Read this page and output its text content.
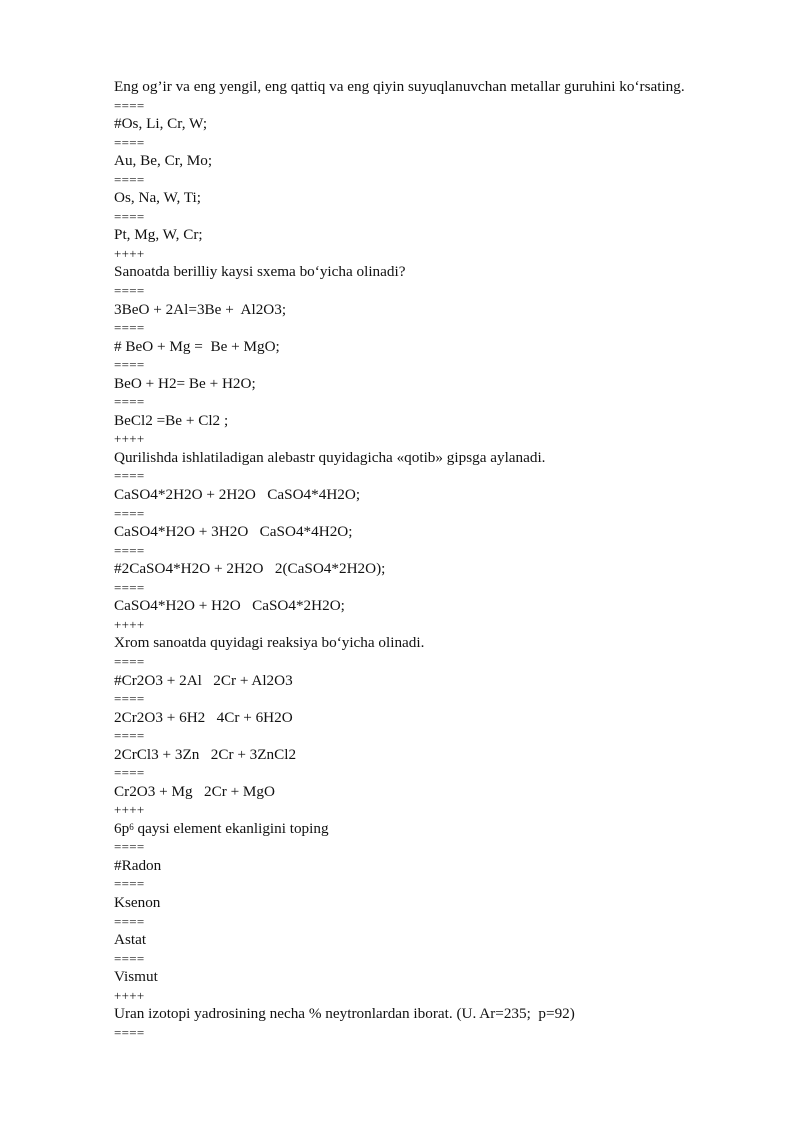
Eng og’ir va eng yengil, eng qattiq va eng qiyin suyuqlanuvchan metallar guruhini ko‘rsating.
====
#Os, Li, Cr, W;
====
Au, Be, Cr, Mo;
====
Os, Na, W, Ti;
====
Pt, Mg, W, Cr;
++++
Sanoatda berilliy kaysi sxema bo‘yicha olinadi?
====
3BeO + 2Al=3Be +  Al2O3;
====
# BeO + Mg =  Be + MgO;
====
BeO + H2= Be + H2O;
====
BeCl2 =Be + Cl2 ;
++++
Qurilishda ishlatiladigan alebastr quyidagicha «qotib» gipsga aylanadi.
====
CaSO4*2H2O + 2H2O   CaSO4*4H2O;
====
CaSO4*H2O + 3H2O   CaSO4*4H2O;
====
#2CaSO4*H2O + 2H2O   2(CaSO4*2H2O);
====
CaSO4*H2O + H2O   CaSO4*2H2O;
++++
Xrom sanoatda quyidagi reaksiya bo‘yicha olinadi.
====
#Cr2O3 + 2Al   2Cr + Al2O3
====
2Cr2O3 + 6H2   4Cr + 6H2O
====
2CrCl3 + 3Zn   2Cr + 3ZnCl2
====
Cr2O3 + Mg   2Cr + MgO
++++
$6p^6$ qaysi element ekanligini toping
====
#Radon
====
Ksenon
====
Astat
====
Vismut
++++
Uran izotopi yadrosining necha % neytronlardan iborat. (U. Ar=235;  p=92)
====
